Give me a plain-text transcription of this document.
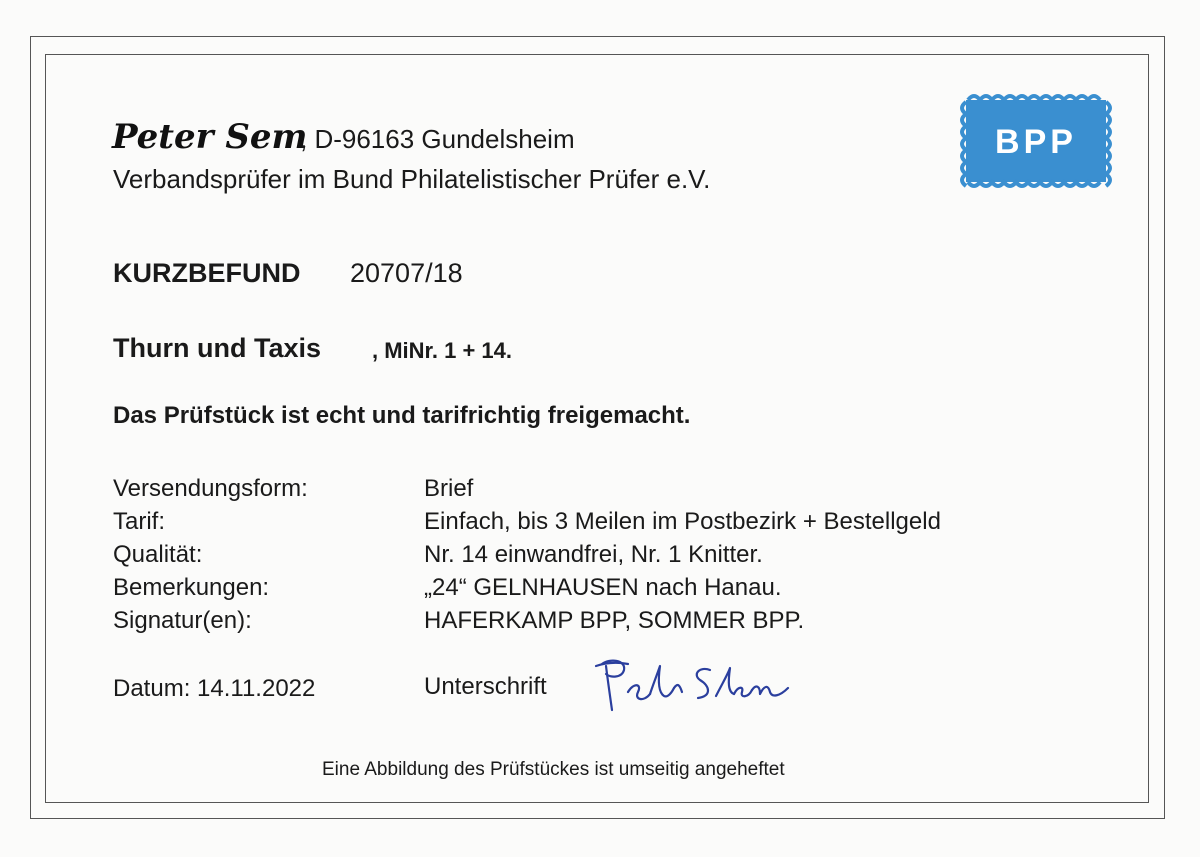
Peter Sem
, D-96163 Gundelsheim
Verbandsprüfer im Bund Philatelistischer Prüfer e.V.
BPP
KURZBEFUND 20707/18
Thurn und Taxis , MiNr. 1 + 14.
Das Prüfstück ist echt und tarifrichtig freigemacht.
Versendungsform:	Brief
Tarif:	Einfach, bis 3 Meilen im Postbezirk + Bestellgeld
Qualität:	Nr. 14 einwandfrei, Nr. 1 Knitter.
Bemerkungen:	„24“ GELNHAUSEN nach Hanau.
Signatur(en):	HAFERKAMP BPP, SOMMER BPP.
Datum: 14.11.2022	Unterschrift
Eine Abbildung des Prüfstückes ist umseitig angeheftet
